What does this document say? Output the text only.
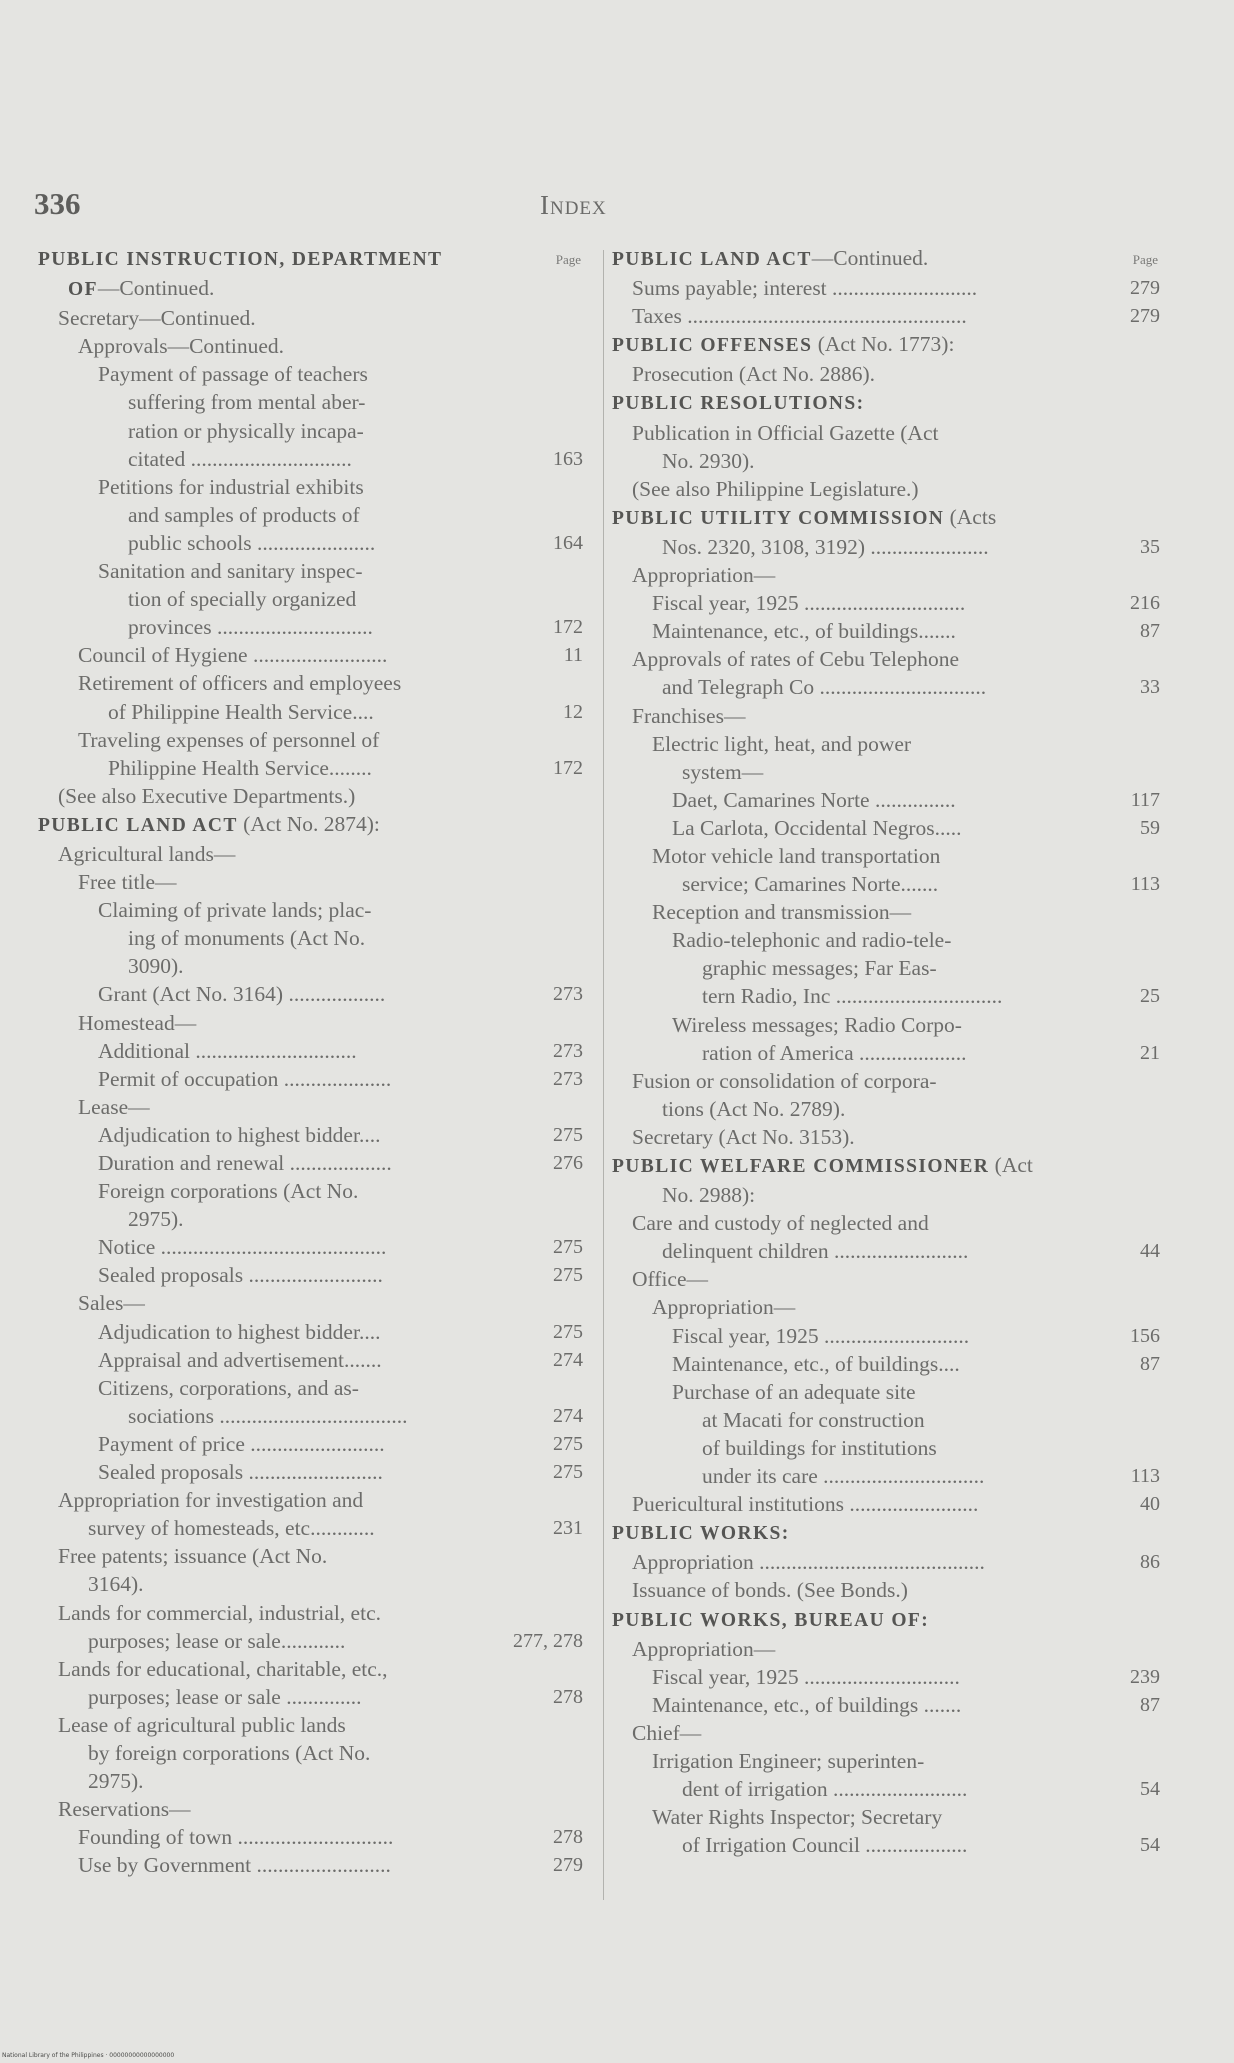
336	Index
Page
PUBLIC INSTRUCTION, DEPARTMENT
OF—Continued.
Secretary—Continued.
Approvals—Continued.
Payment of passage of teachers
suffering from mental aber-
ration or physically incapa-
citated ..............................	163
Petitions for industrial exhibits
and samples of products of
public schools ......................	164
Sanitation and sanitary inspec-
tion of specially organized
provinces .............................	172
Council of Hygiene .........................	11
Retirement of officers and employees
of Philippine Health Service....	12
Traveling expenses of personnel of
Philippine Health Service........	172
(See also Executive Departments.)
PUBLIC LAND ACT (Act No. 2874):
Agricultural lands—
Free title—
Claiming of private lands; plac-
ing of monuments (Act No.
3090).
Grant (Act No. 3164) ..................	273
Homestead—
Additional ..............................	273
Permit of occupation ....................	273
Lease—
Adjudication to highest bidder....	275
Duration and renewal ...................	276
Foreign corporations (Act No.
2975).
Notice ..........................................	275
Sealed proposals .........................	275
Sales—
Adjudication to highest bidder....	275
Appraisal and advertisement.......	274
Citizens, corporations, and as-
sociations ...................................	274
Payment of price .........................	275
Sealed proposals .........................	275
Appropriation for investigation and
survey of homesteads, etc............	231
Free patents; issuance (Act No.
3164).
Lands for commercial, industrial, etc.
purposes; lease or sale............	277, 278
Lands for educational, charitable, etc.,
purposes; lease or sale ..............	278
Lease of agricultural public lands
by foreign corporations (Act No.
2975).
Reservations—
Founding of town .............................	278
Use by Government .........................	279
Page
PUBLIC LAND ACT—Continued.
Sums payable; interest ...........................	279
Taxes ....................................................	279
PUBLIC OFFENSES (Act No. 1773):
Prosecution (Act No. 2886).
PUBLIC RESOLUTIONS:
Publication in Official Gazette (Act
No. 2930).
(See also Philippine Legislature.)
PUBLIC UTILITY COMMISSION (Acts
Nos. 2320, 3108, 3192) ......................	35
Appropriation—
Fiscal year, 1925 ..............................	216
Maintenance, etc., of buildings.......	87
Approvals of rates of Cebu Telephone
and Telegraph Co ...............................	33
Franchises—
Electric light, heat, and power
system—
Daet, Camarines Norte ...............	117
La Carlota, Occidental Negros.....	59
Motor vehicle land transportation
service; Camarines Norte.......	113
Reception and transmission—
Radio-telephonic and radio-tele-
graphic messages; Far Eas-
tern Radio, Inc ...............................	25
Wireless messages; Radio Corpo-
ration of America ....................	21
Fusion or consolidation of corpora-
tions (Act No. 2789).
Secretary (Act No. 3153).
PUBLIC WELFARE COMMISSIONER (Act
No. 2988):
Care and custody of neglected and
delinquent children .........................	44
Office—
Appropriation—
Fiscal year, 1925 ...........................	156
Maintenance, etc., of buildings....	87
Purchase of an adequate site
at Macati for construction
of buildings for institutions
under its care ..............................	113
Puericultural institutions ........................	40
PUBLIC WORKS:
Appropriation ..........................................	86
Issuance of bonds. (See Bonds.)
PUBLIC WORKS, BUREAU OF:
Appropriation—
Fiscal year, 1925 .............................	239
Maintenance, etc., of buildings .......	87
Chief—
Irrigation Engineer; superinten-
dent of irrigation .........................	54
Water Rights Inspector; Secretary
of Irrigation Council ...................	54
National Library of the Philippines · 00000000000000000
